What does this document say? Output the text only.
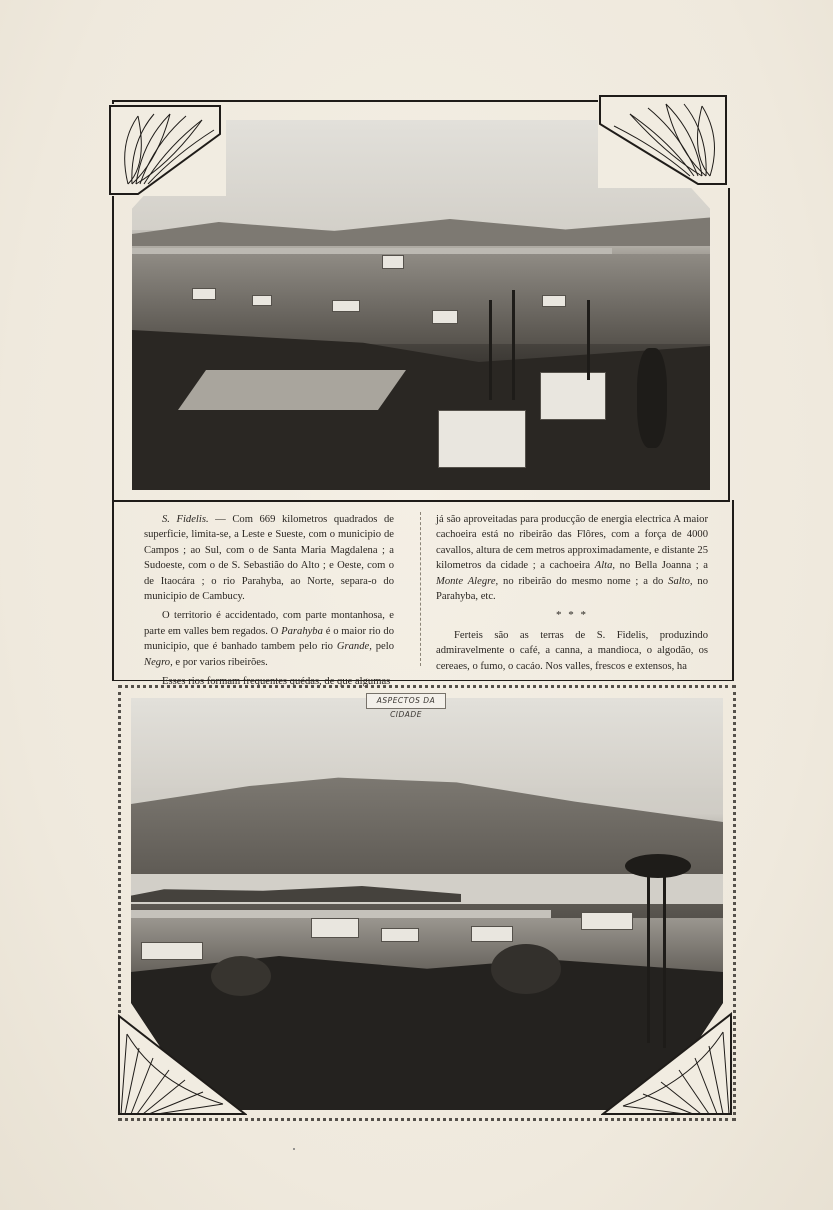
S. Fidelis. — Com 669 kilometros quadrados de superficie, limita-se, a Leste e Sueste, com o municipio de Campos ; ao Sul, com o de Santa Maria Magdalena ; a Sudoeste, com o de S. Sebastião do Alto ; e Oeste, com o de Itaocára ; o rio Parahyba, ao Norte, separa-o do municipio de Cambucy.

O territorio é accidentado, com parte montanhosa, e parte em valles bem regados. O Parahyba é o maior rio do municipio, que é banhado tambem pelo rio Grande, pelo Negro, e por varios ribeirões.

Esses rios formam frequentes quédas, de que algumas

já são aproveitadas para producção de energia electrica A maior cachoeira está no ribeirão das Flôres, com a força de 4000 cavallos, altura de cem metros approximadamente, e distante 25 kilometros da cidade ; a cachoeira Alta, no Bella Joanna ; a Monte Alegre, no ribeirão do mesmo nome ; a do Salto, no Parahyba, etc.

* * *

Ferteis são as terras de S. Fidelis, produzindo admiravelmente o café, a canna, a mandioca, o algodão, os cereaes, o fumo, o cacáo. Nos valles, frescos e extensos, ha

ASPECTOS DA CIDADE
